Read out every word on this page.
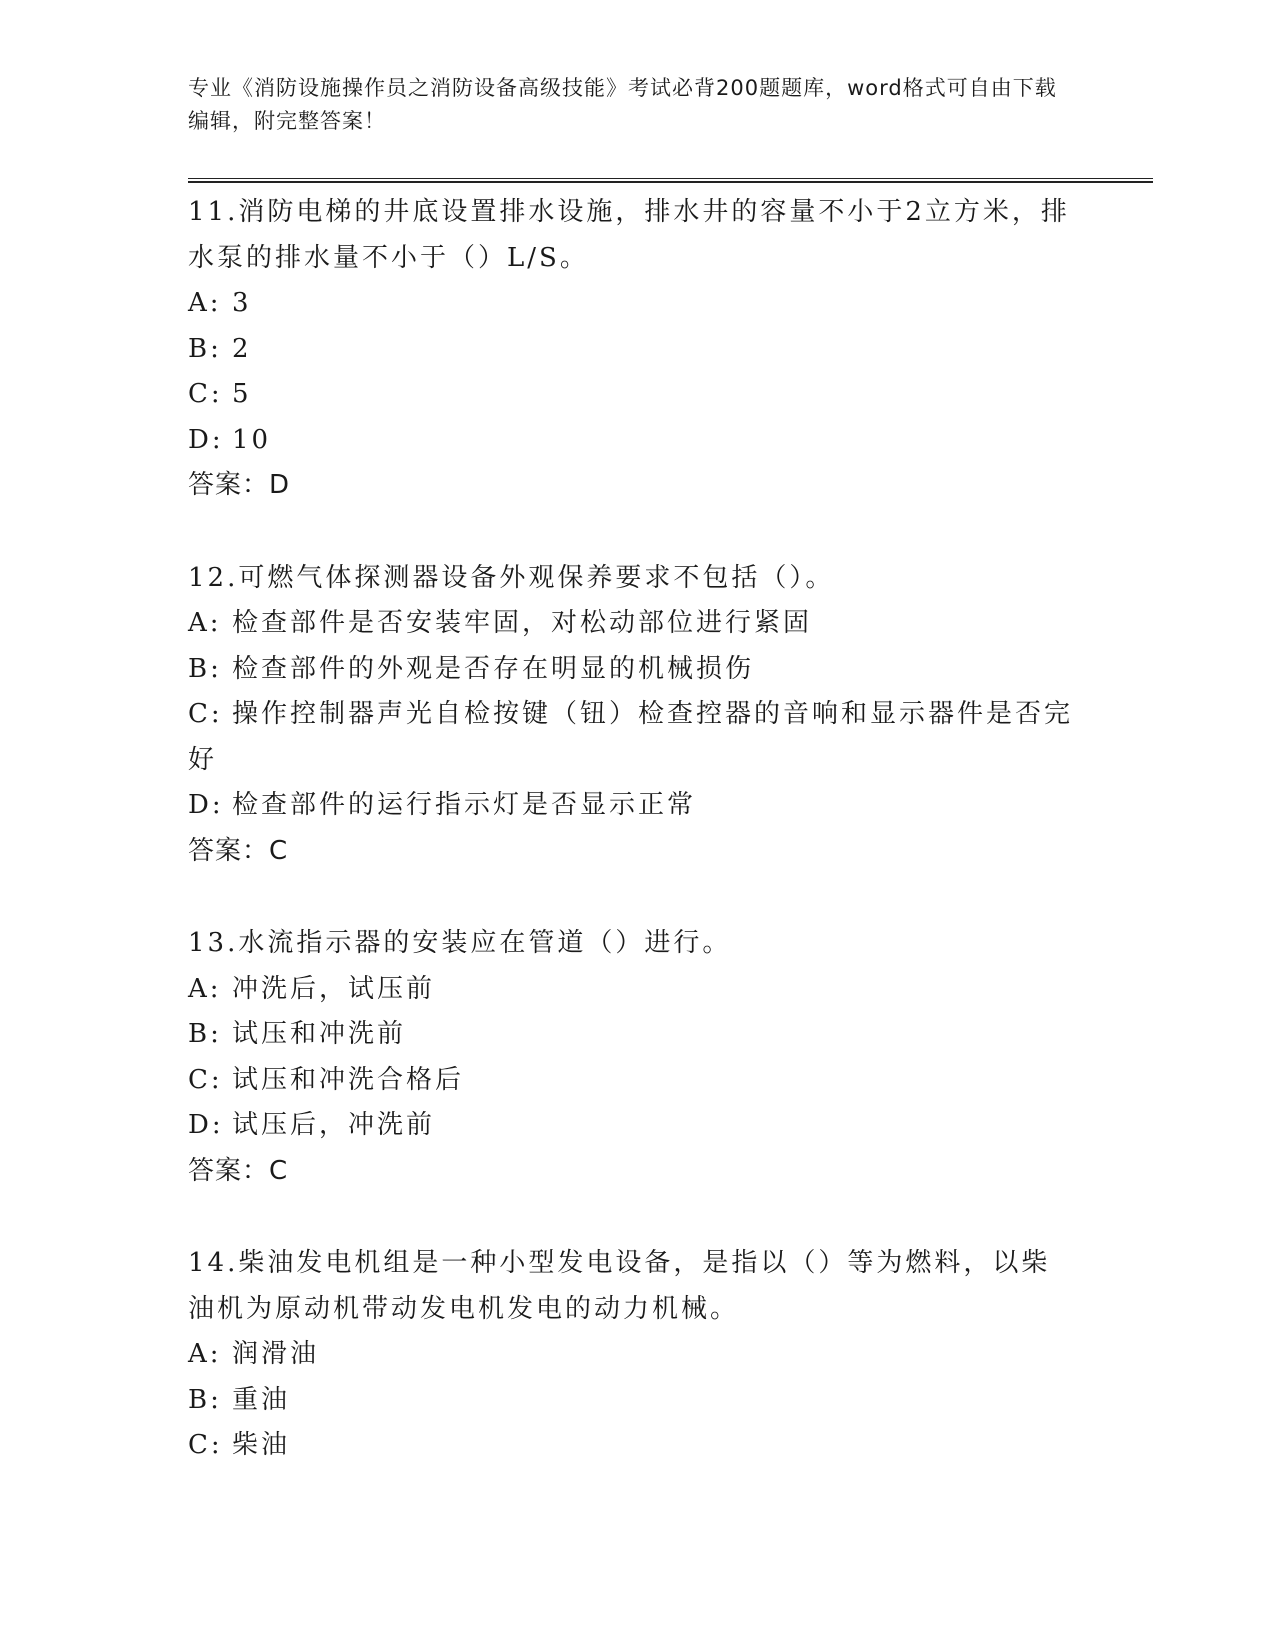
专业《消防设施操作员之消防设备高级技能》考试必背200题题库，word格式可自由下载编辑，附完整答案！

11.消防电梯的井底设置排水设施，排水井的容量不小于2立方米，排水泵的排水量不小于（）L/S。

A: 3

B: 2

C: 5

D: 10

答案：D

12.可燃气体探测器设备外观保养要求不包括（）。

A: 检查部件是否安装牢固，对松动部位进行紧固

B: 检查部件的外观是否存在明显的机械损伤

C: 操作控制器声光自检按键（钮）检查控器的音响和显示器件是否完好

D: 检查部件的运行指示灯是否显示正常

答案：C

13.水流指示器的安装应在管道（）进行。

A: 冲洗后，试压前

B: 试压和冲洗前

C: 试压和冲洗合格后

D: 试压后，冲洗前

答案：C

14.柴油发电机组是一种小型发电设备，是指以（）等为燃料，以柴油机为原动机带动发电机发电的动力机械。

A: 润滑油

B: 重油

C: 柴油
